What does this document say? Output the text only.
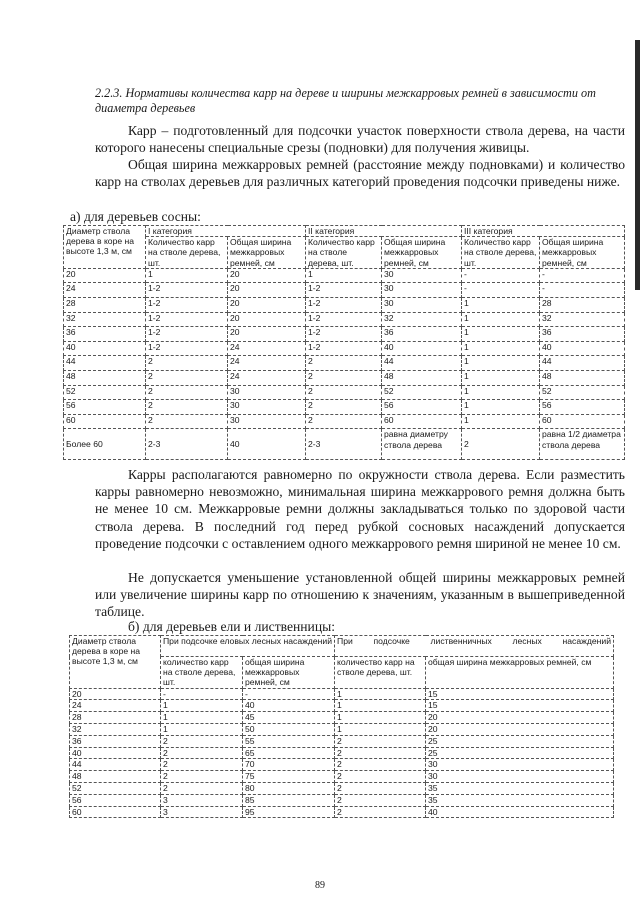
2.2.3. Нормативы количества карр на дереве и ширины межкарровых ремней в зависимости от диаметра деревьев
Карр – подготовленный для подсочки участок поверхности ствола дерева, на части которого нанесены специальные срезы (подновки) для получения живицы.
Общая ширина межкарровых ремней (расстояние между подновками) и количество карр на стволах деревьев для различных категорий проведения подсочки приведены ниже.
а) для деревьев сосны:
Диаметр ствола дерева в коре на высоте 1,3 м, см	I категория		II категория		III категория	
	Количество карр на стволе дерева, шт.	Общая ширина межкарровых ремней, см	Количество карр на стволе дерева, шт.	Общая ширина межкарровых ремней, см	Количество карр на стволе дерева, шт.	Общая ширина межкарровых ремней, см
20	1	20	1	30	-	-
24	1-2	20	1-2	30	-	-
28	1-2	20	1-2	30	1	28
32	1-2	20	1-2	32	1	32
36	1-2	20	1-2	36	1	36
40	1-2	24	1-2	40	1	40
44	2	24	2	44	1	44
48	2	24	2	48	1	48
52	2	30	2	52	1	52
56	2	30	2	56	1	56
60	2	30	2	60	1	60
Более 60	2-3	40	2-3	равна диаметру ствола дерева	2	равна 1/2 диаметра ствола дерева
Карры располагаются равномерно по окружности ствола дерева. Если разместить карры равномерно невозможно, минимальная ширина межкаррового ремня должна быть не менее 10 см. Межкарровые ремни должны закладываться только по здоровой части ствола дерева. В последний год перед рубкой сосновых насаждений допускается проведение подсочки с оставлением одного межкаррового ремня шириной не менее 10 см.
Не допускается уменьшение установленной общей ширины межкарровых ремней или увеличение ширины карр по отношению к значениям, указанным в вышеприведенной таблице.
б) для деревьев ели и лиственницы:
Диаметр ствола дерева в коре на высоте 1,3 м, см	При подсочке еловых лесных насаждений		При подсочке лиственничных лесных насаждений	
	количество карр на стволе дерева, шт.	общая ширина межкарровых ремней, см	количество карр на стволе дерева, шт.	общая ширина межкарровых ремней, см
20	-	-	1	15
24	1	40	1	15
28	1	45	1	20
32	1	50	1	20
36	2	55	2	25
40	2	65	2	25
44	2	70	2	30
48	2	75	2	30
52	2	80	2	35
56	3	85	2	35
60	3	95	2	40
89
